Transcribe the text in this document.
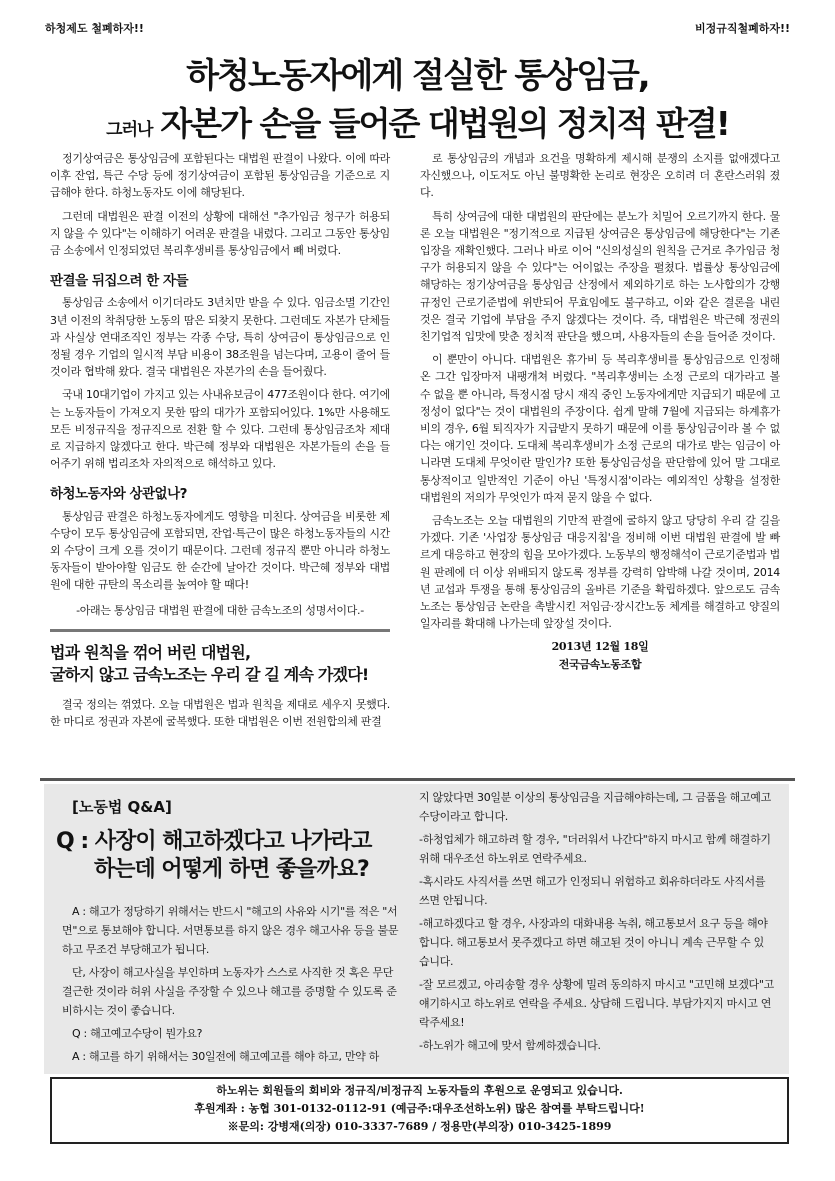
하청제도 철폐하자!!	비정규직철폐하자!!
하청노동자에게 절실한 통상임금,
그러나 자본가 손을 들어준 대법원의 정치적 판결!

정기상여금은 통상임금에 포함된다는 대법원 판결이 나왔다. 이에 따라 이후 잔업, 특근 수당 등에 정기상여금이 포함된 통상임금을 기준으로 지급해야 한다. 하청노동자도 이에 해당된다.

그런데 대법원은 판결 이전의 상황에 대해선 "추가임금 청구가 허용되지 않을 수 있다"는 이해하기 어려운 판결을 내렸다. 그리고 그동안 통상임금 소송에서 인정되었던 복리후생비를 통상임금에서 빼 버렸다.

판결을 뒤집으려 한 자들

통상임금 소송에서 이기더라도 3년치만 받을 수 있다. 임금소멸 기간인 3년 이전의 착취당한 노동의 땀은 되찾지 못한다. 그런데도 자본가 단체들과 사실상 연대조직인 정부는 각종 수당, 특히 상여금이 통상임금으로 인정될 경우 기업의 일시적 부담 비용이 38조원을 넘는다며, 고용이 줄어 들것이라 협박해 왔다. 결국 대법원은 자본가의 손을 들어줬다.

국내 10대기업이 가지고 있는 사내유보금이 477조원이다 한다. 여기에는 노동자들이 가져오지 못한 땀의 대가가 포함되어있다. 1%만 사용해도 모든 비정규직을 정규직으로 전환 할 수 있다. 그런데 통상임금조차 제대로 지급하지 않겠다고 한다. 박근혜 정부와 대법원은 자본가들의 손을 들어주기 위해 법리조차 자의적으로 해석하고 있다.

하청노동자와 상관없나?

통상임금 판결은 하청노동자에게도 영향을 미친다. 상여금을 비롯한 제 수당이 모두 통상임금에 포함되면, 잔업·특근이 많은 하청노동자들의 시간외 수당이 크게 오를 것이기 때문이다. 그런데 정규직 뿐만 아니라 하청노동자들이 받아야할 임금도 한 순간에 날아간 것이다. 박근혜 정부와 대법원에 대한 규탄의 목소리를 높여야 할 때다!

-아래는 통상임금 대법원 판결에 대한 금속노조의 성명서이다.-

법과 원칙을 꺾어 버린 대법원,
굴하지 않고 금속노조는 우리 갈 길 계속 가겠다!

결국 정의는 꺾였다. 오늘 대법원은 법과 원칙을 제대로 세우지 못했다. 한 마디로 정권과 자본에 굴복했다. 또한 대법원은 이번 전원합의체 판결

로 통상임금의 개념과 요건을 명확하게 제시해 분쟁의 소지를 없애겠다고 자신했으나, 이도저도 아닌 불명확한 논리로 현장은 오히려 더 혼란스러워 졌다.

특히 상여금에 대한 대법원의 판단에는 분노가 치밀어 오르기까지 한다. 물론 오늘 대법원은 "정기적으로 지급된 상여금은 통상임금에 해당한다"는 기존 입장을 재확인했다. 그러나 바로 이어 "신의성실의 원칙을 근거로 추가임금 청구가 허용되지 않을 수 있다"는 어이없는 주장을 펼쳤다. 법률상 통상임금에 해당하는 정기상여금을 통상임금 산정에서 제외하기로 하는 노사합의가 강행규정인 근로기준법에 위반되어 무효임에도 불구하고, 이와 같은 결론을 내린 것은 결국 기업에 부담을 주지 않겠다는 것이다. 즉, 대법원은 박근혜 정권의 친기업적 입맛에 맞춘 정치적 판단을 했으며, 사용자들의 손을 들어준 것이다.

이 뿐만이 아니다. 대법원은 휴가비 등 복리후생비를 통상임금으로 인정해온 그간 입장마저 내팽개쳐 버렸다. "복리후생비는 소정 근로의 대가라고 볼 수 없을 뿐 아니라, 특정시점 당시 재직 중인 노동자에게만 지급되기 때문에 고정성이 없다"는 것이 대법원의 주장이다. 쉽게 말해 7월에 지급되는 하계휴가비의 경우, 6월 퇴직자가 지급받지 못하기 때문에 이를 통상임금이라 볼 수 없다는 얘기인 것이다. 도대체 복리후생비가 소정 근로의 대가로 받는 임금이 아니라면 도대체 무엇이란 말인가? 또한 통상임금성을 판단함에 있어 말 그대로 통상적이고 일반적인 기준이 아닌 '특정시점'이라는 예외적인 상황을 설정한 대법원의 저의가 무엇인가 따져 묻지 않을 수 없다.

금속노조는 오늘 대법원의 기만적 판결에 굴하지 않고 당당히 우리 갈 길을 가겠다. 기존 '사업장 통상임금 대응지침'을 정비해 이번 대법원 판결에 발 빠르게 대응하고 현장의 힘을 모아가겠다. 노동부의 행정해석이 근로기준법과 법원 판례에 더 이상 위배되지 않도록 정부를 강력히 압박해 나갈 것이며, 2014년 교섭과 투쟁을 통해 통상임금의 올바른 기준을 확립하겠다. 앞으로도 금속노조는 통상임금 논란을 촉발시킨 저임금·장시간노동 체계를 해결하고 양질의 일자리를 확대해 나가는데 앞장설 것이다.

2013년 12월 18일
전국금속노동조합
[노동법 Q&A]
Q : 사장이 해고하겠다고 나가라고
하는데 어떻게 하면 좋을까요?

A : 해고가 정당하기 위해서는 반드시 "해고의 사유와 시기"를 적은 "서면"으로 통보해야 합니다. 서면통보를 하지 않은 경우 해고사유 등을 불문하고 무조건 부당해고가 됩니다.

단, 사장이 해고사실을 부인하며 노동자가 스스로 사직한 것 혹은 무단결근한 것이라 허위 사실을 주장할 수 있으나 해고를 증명할 수 있도록 준비하시는 것이 좋습니다.

Q : 해고예고수당이 뭔가요?

A : 해고를 하기 위해서는 30일전에 해고예고를 해야 하고, 만약 하

지 않았다면 30일분 이상의 통상임금을 지급해야하는데, 그 금품을 해고예고수당이라고 합니다.

-하청업체가 해고하려 할 경우, "더러워서 나간다"하지 마시고 함께 해결하기 위해 대우조선 하노위로 연락주세요.

-혹시라도 사직서를 쓰면 해고가 인정되니 위험하고 회유하더라도 사직서를 쓰면 안됩니다.

-해고하겠다고 할 경우, 사장과의 대화내용 녹취, 해고통보서 요구 등을 해야 합니다. 해고통보서 못주겠다고 하면 해고된 것이 아니니 계속 근무할 수 있습니다.

-잘 모르겠고, 아리송할 경우 상황에 밀려 동의하지 마시고 "고민해 보겠다"고 얘기하시고 하노위로 연락을 주세요. 상담해 드립니다. 부담가지지 마시고 연락주세요!

-하노위가 해고에 맞서 함께하겠습니다.

하노위는 회원들의 회비와 정규직/비정규직 노동자들의 후원으로 운영되고 있습니다.
후원계좌 : 농협 301-0132-0112-91 (예금주:대우조선하노위) 많은 참여를 부탁드립니다!
※문의: 강병재(의장) 010-3337-7689 / 정용만(부의장) 010-3425-1899
